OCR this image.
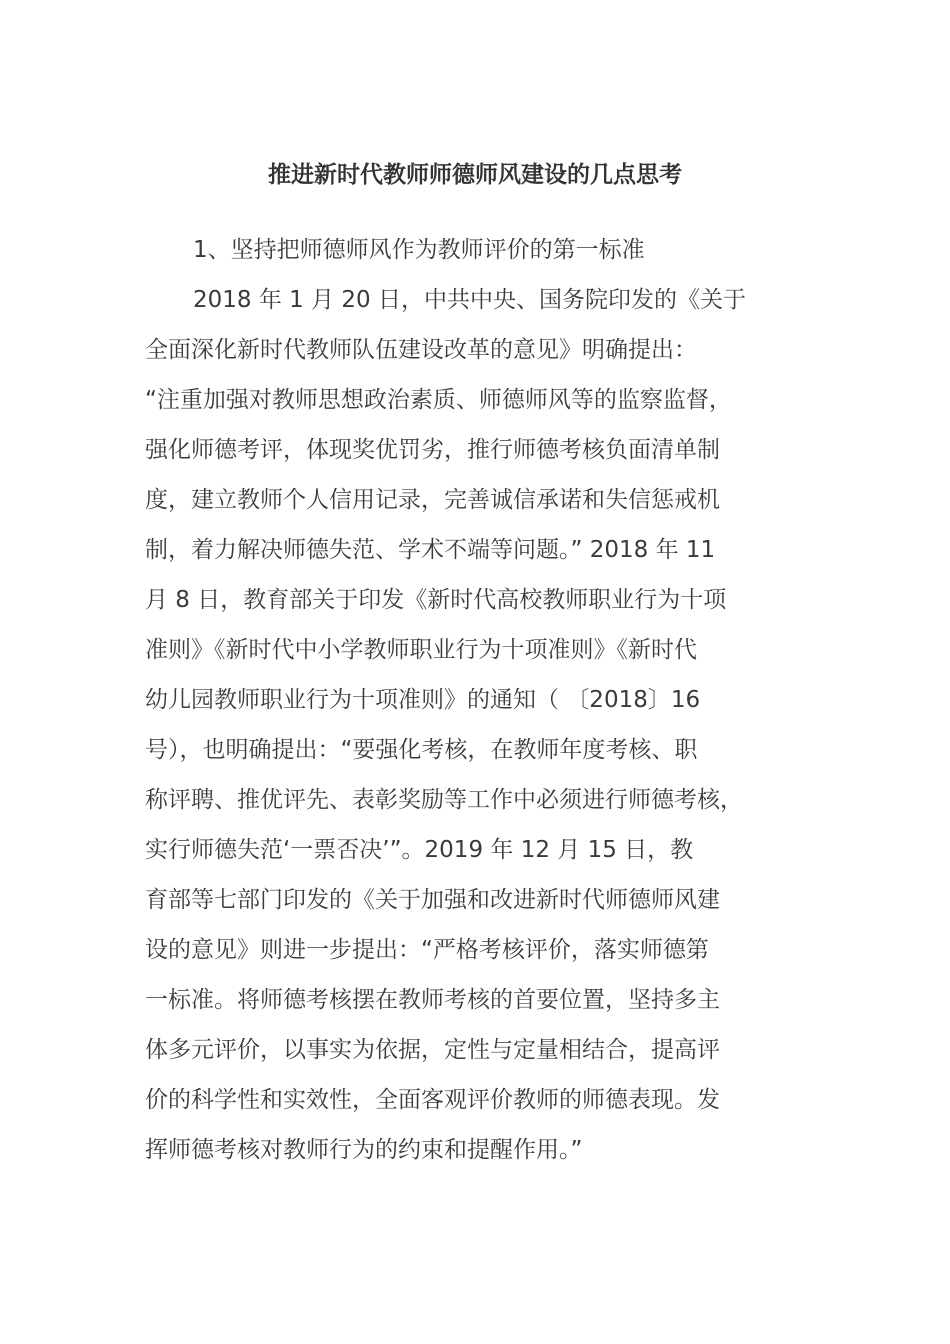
推进新时代教师师德师风建设的几点思考

1、坚持把师德师风作为教师评价的第一标准

2018 年 1 月 20 日，中共中央、国务院印发的《关于

全面深化新时代教师队伍建设改革的意见》明确提出：

“注重加强对教师思想政治素质、师德师风等的监察监督，

强化师德考评，体现奖优罚劣，推行师德考核负面清单制

度，建立教师个人信用记录，完善诚信承诺和失信惩戒机

制，着力解决师德失范、学术不端等问题。” 2018 年 11

月 8 日，教育部关于印发《新时代高校教师职业行为十项

准则》《新时代中小学教师职业行为十项准则》《新时代

幼儿园教师职业行为十项准则》的通知（ 〔2018〕16

号），也明确提出：“要强化考核，在教师年度考核、职

称评聘、推优评先、表彰奖励等工作中必须进行师德考核，

实行师德失范‘一票否决’”。2019 年 12 月 15 日，教

育部等七部门印发的《关于加强和改进新时代师德师风建

设的意见》则进一步提出：“严格考核评价，落实师德第

一标准。将师德考核摆在教师考核的首要位置，坚持多主

体多元评价，以事实为依据，定性与定量相结合，提高评

价的科学性和实效性，全面客观评价教师的师德表现。发

挥师德考核对教师行为的约束和提醒作用。”
